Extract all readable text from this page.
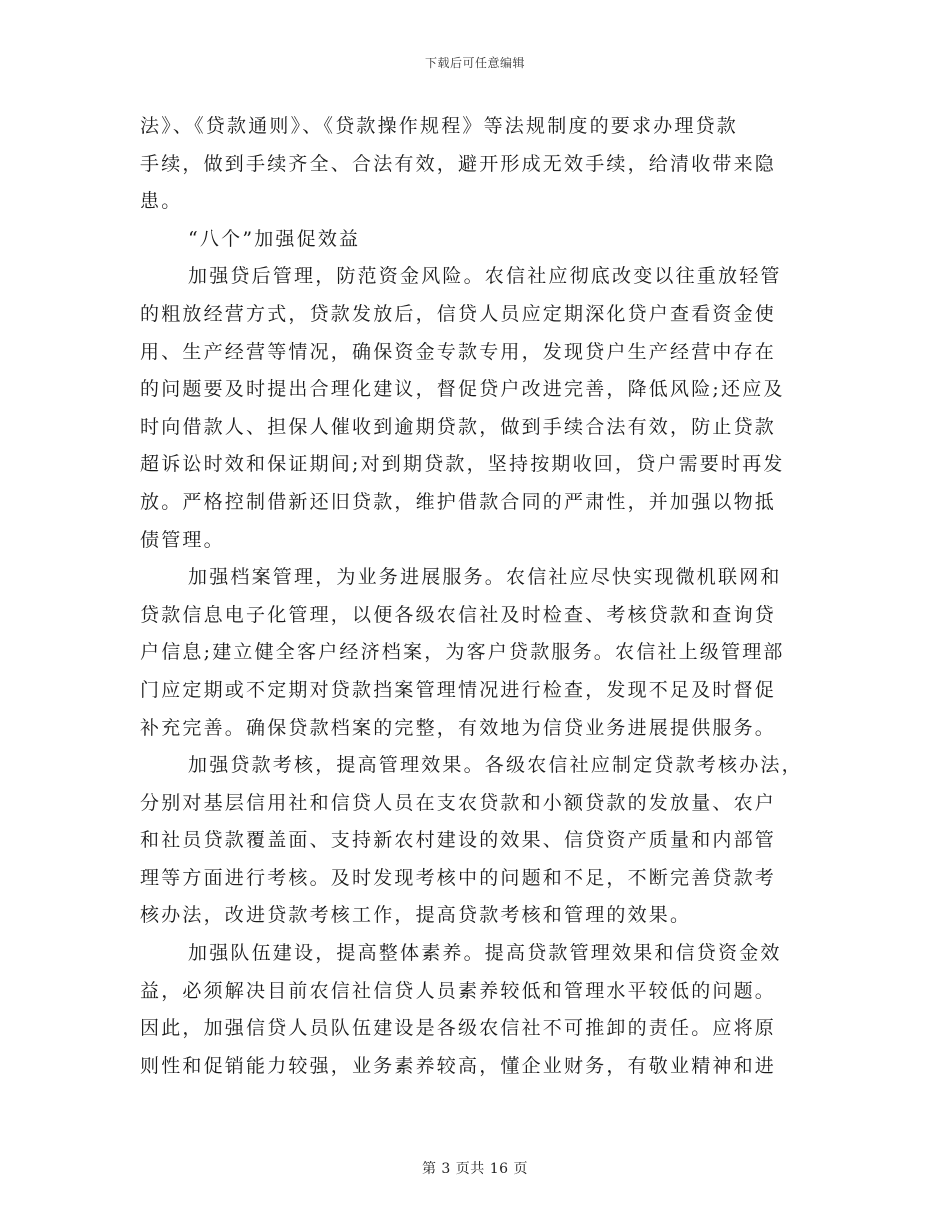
下载后可任意编辑
法》、《贷款通则》、《贷款操作规程》等法规制度的要求办理贷款
手续，做到手续齐全、合法有效，避开形成无效手续，给清收带来隐
患。
“八个”加强促效益
加强贷后管理，防范资金风险。农信社应彻底改变以往重放轻管
的粗放经营方式，贷款发放后，信贷人员应定期深化贷户查看资金使
用、生产经营等情况，确保资金专款专用，发现贷户生产经营中存在
的问题要及时提出合理化建议，督促贷户改进完善，降低风险;还应及
时向借款人、担保人催收到逾期贷款，做到手续合法有效，防止贷款
超诉讼时效和保证期间;对到期贷款，坚持按期收回，贷户需要时再发
放。严格控制借新还旧贷款，维护借款合同的严肃性，并加强以物抵
债管理。
加强档案管理，为业务进展服务。农信社应尽快实现微机联网和
贷款信息电子化管理，以便各级农信社及时检查、考核贷款和查询贷
户信息;建立健全客户经济档案，为客户贷款服务。农信社上级管理部
门应定期或不定期对贷款挡案管理情况进行检查，发现不足及时督促
补充完善。确保贷款档案的完整，有效地为信贷业务进展提供服务。
加强贷款考核，提高管理效果。各级农信社应制定贷款考核办法，
分别对基层信用社和信贷人员在支农贷款和小额贷款的发放量、农户
和社员贷款覆盖面、支持新农村建设的效果、信贷资产质量和内部管
理等方面进行考核。及时发现考核中的问题和不足，不断完善贷款考
核办法，改进贷款考核工作，提高贷款考核和管理的效果。
加强队伍建设，提高整体素养。提高贷款管理效果和信贷资金效
益，必须解决目前农信社信贷人员素养较低和管理水平较低的问题。
因此，加强信贷人员队伍建设是各级农信社不可推卸的责任。应将原
则性和促销能力较强，业务素养较高，懂企业财务，有敬业精神和进
第 3 页共 16 页
